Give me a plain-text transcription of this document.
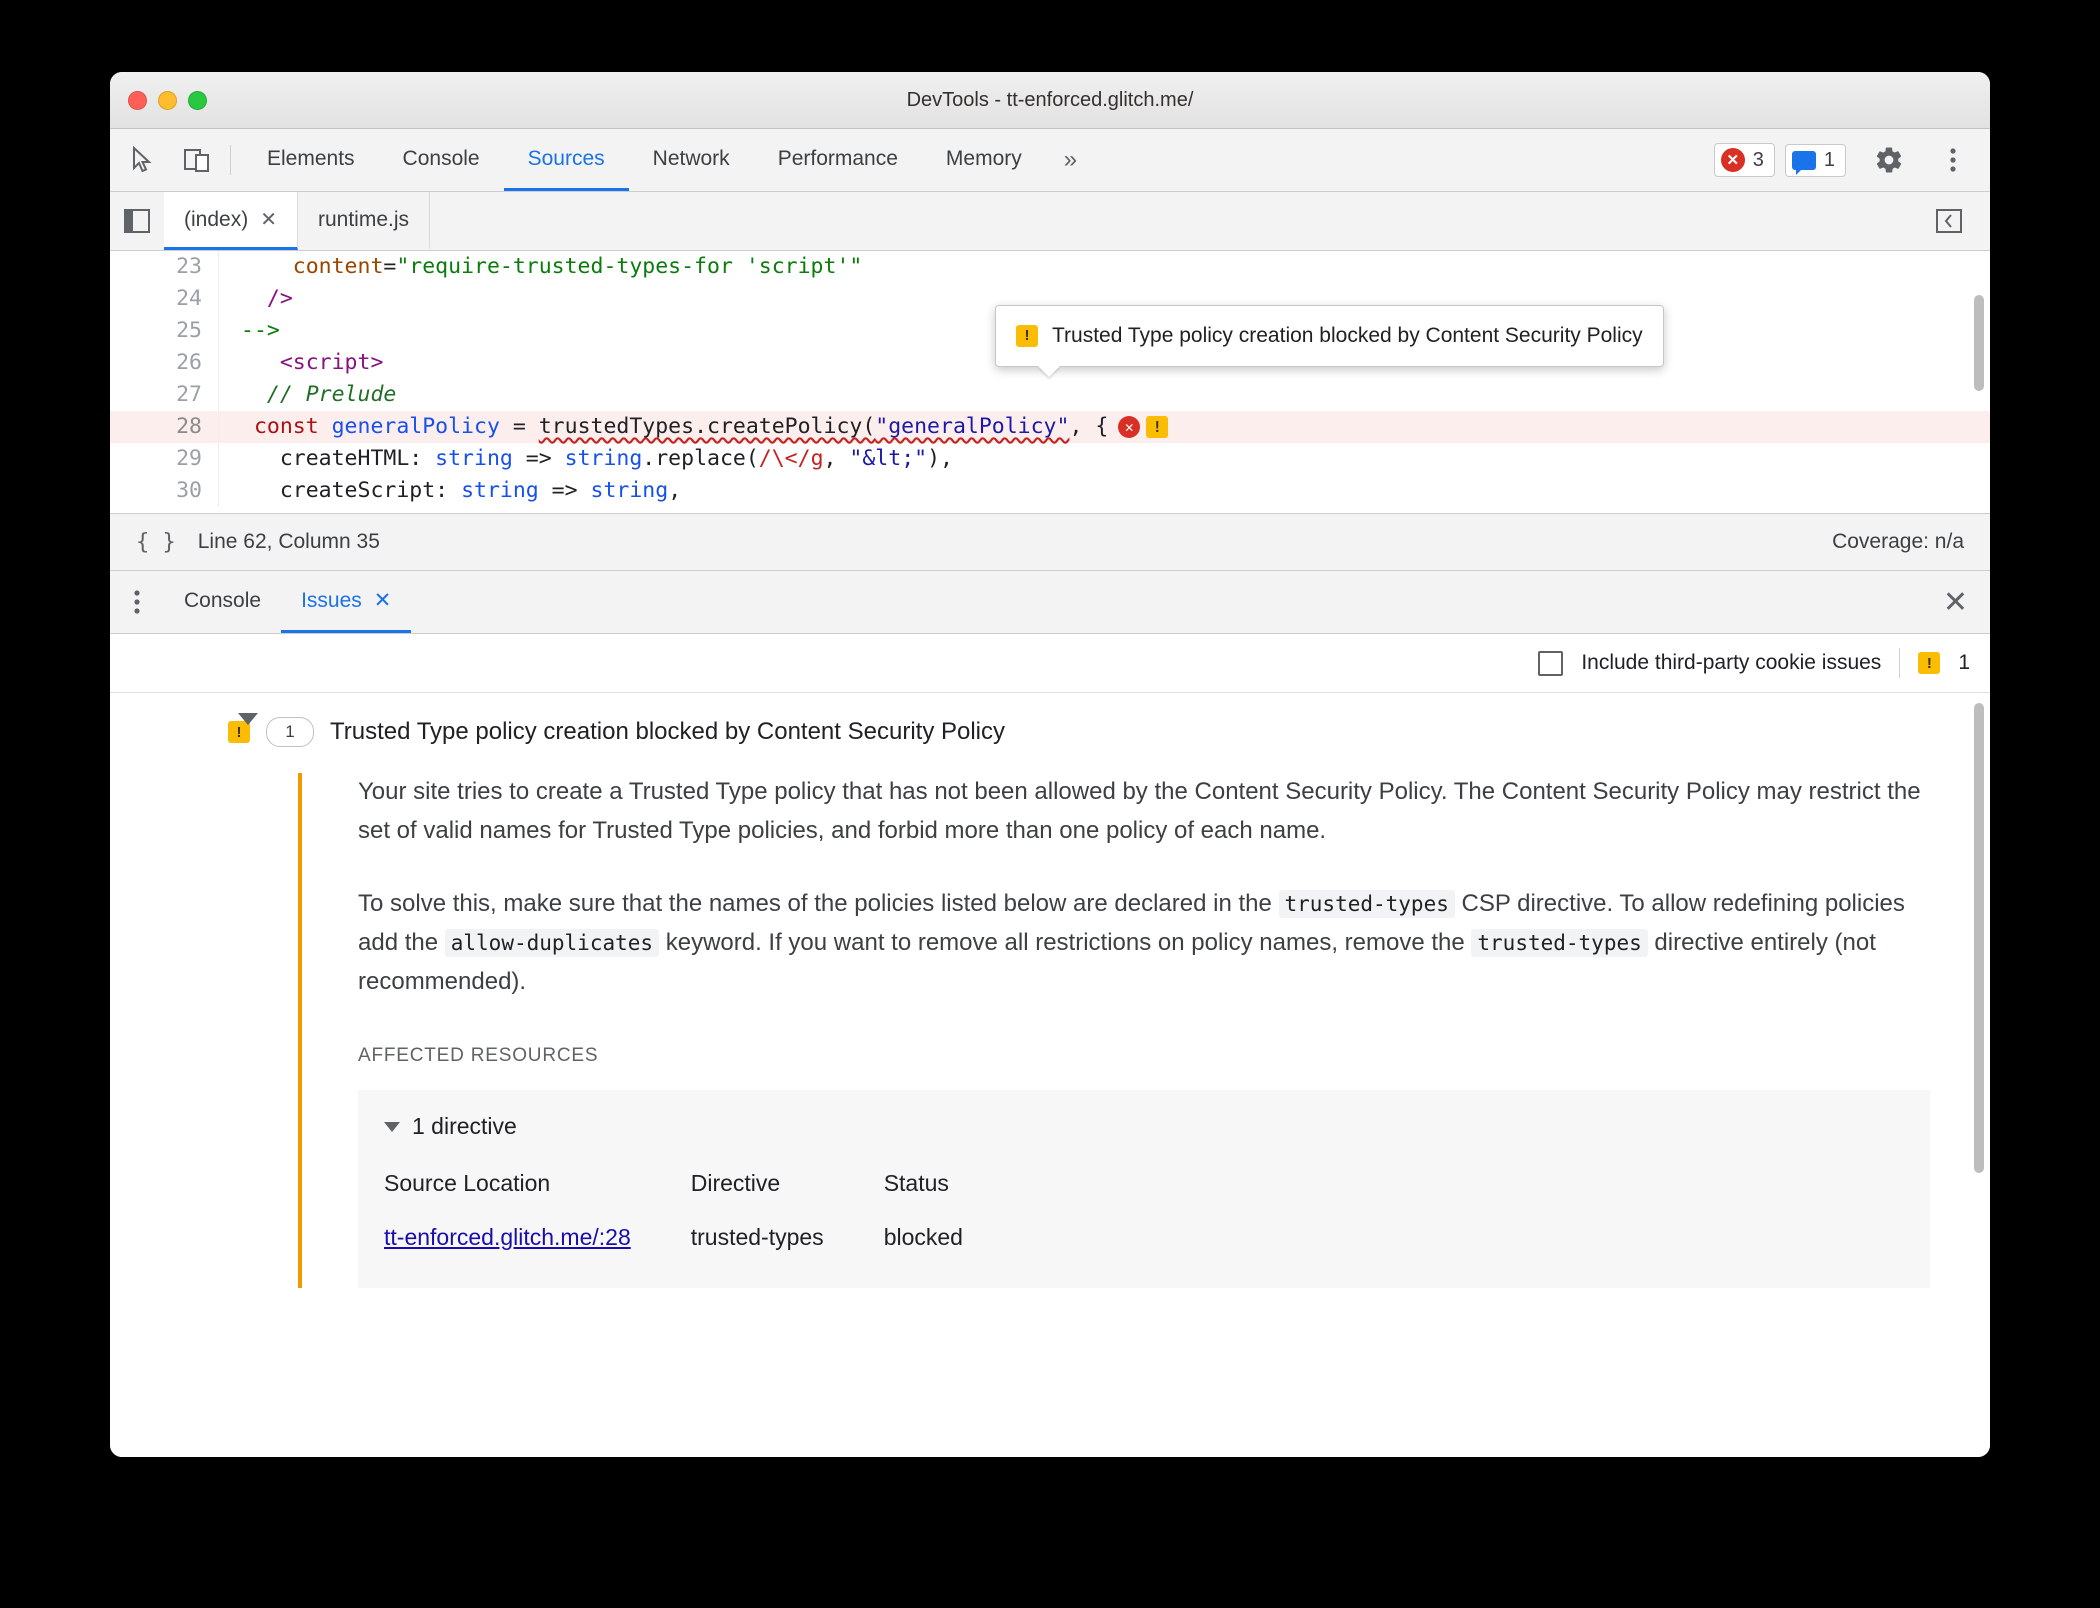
DevTools - tt-enforced.glitch.me/
Elements	Console	Sources	Network	Performance	Memory	»	✕ 3	1
(index) ✕ runtime.js
23	content="require-trusted-types-for 'script'"
24	/>
25	-->
26	<script>
27	// Prelude
28	const generalPolicy = trustedTypes.createPolicy("generalPolicy", {	✕	!
29	createHTML: string => string.replace(/\</g, "&lt;"),
30	createScript: string => string,
!	Trusted Type policy creation blocked by Content Security Policy
{ } Line 62, Column 35	Coverage: n/a
Console	Issues ✕	✕
Include third-party cookie issues	!	1
!	1	Trusted Type policy creation blocked by Content Security Policy

Your site tries to create a Trusted Type policy that has not been allowed by the Content Security Policy. The Content Security Policy may restrict the set of valid names for Trusted Type policies, and forbid more than one policy of each name.

To solve this, make sure that the names of the policies listed below are declared in the trusted-types CSP directive. To allow redefining policies add the allow-duplicates keyword. If you want to remove all restrictions on policy names, remove the trusted-types directive entirely (not recommended).

AFFECTED RESOURCES
1 directive
Source Location	Directive	Status
tt-enforced.glitch.me/:28	trusted-types	blocked
